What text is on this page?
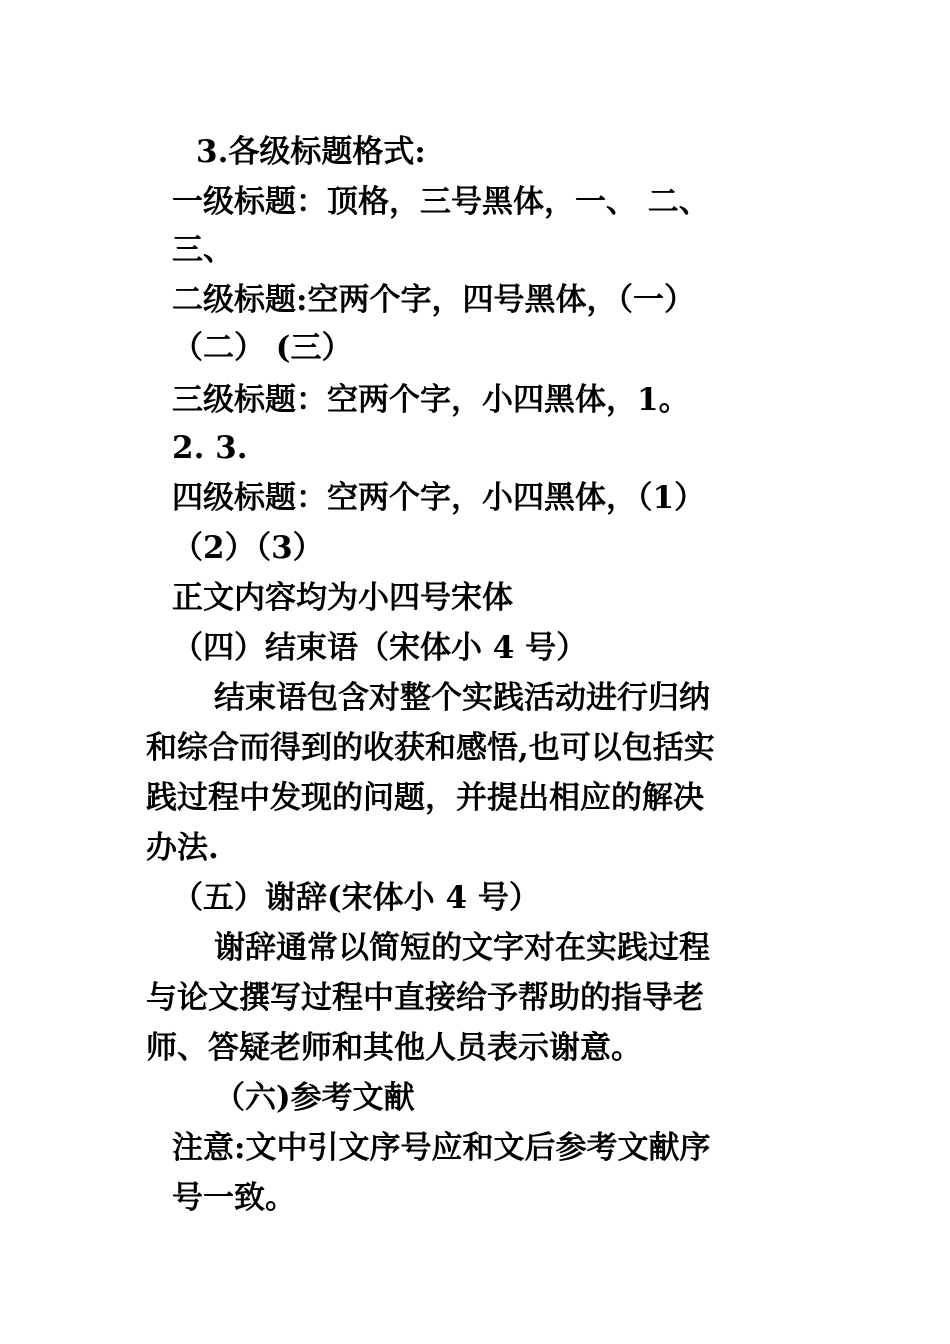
3.各级标题格式:
一级标题：顶格，三号黑体，一、 二、
三、
二级标题:空两个字，四号黑体，（一）
（二） (三）
三级标题：空两个字，小四黑体，1。
2. 3.
四级标题：空两个字，小四黑体，（1）
（2）（3）
正文内容均为小四号宋体
（四）结束语（宋体小 4 号）
结束语包含对整个实践活动进行归纳
和综合而得到的收获和感悟,也可以包括实
践过程中发现的问题，并提出相应的解决
办法.
（五）谢辞(宋体小 4 号）
谢辞通常以简短的文字对在实践过程
与论文撰写过程中直接给予帮助的指导老
师、答疑老师和其他人员表示谢意。
（六)参考文献
注意:文中引文序号应和文后参考文献序
号一致。
